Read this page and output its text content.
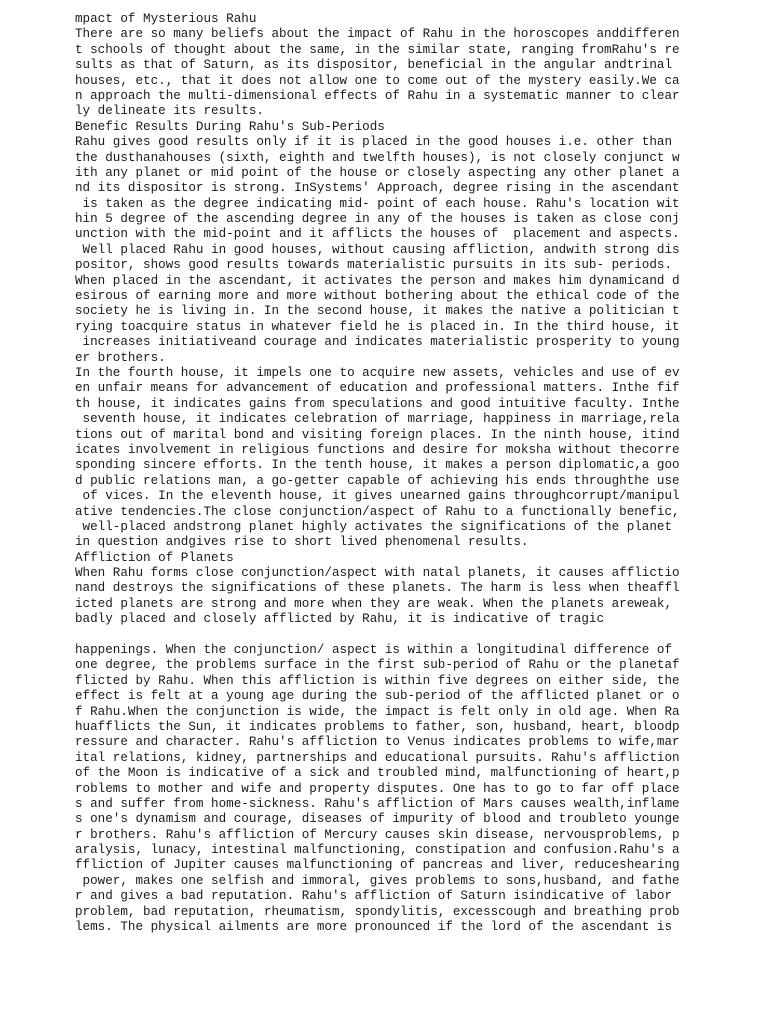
mpact of Mysterious Rahu
There are so many beliefs about the impact of Rahu in the horoscopes anddifferen
t schools of thought about the same, in the similar state, ranging fromRahu's re
sults as that of Saturn, as its dispositor, beneficial in the angular andtrinal
houses, etc., that it does not allow one to come out of the mystery easily.We ca
n approach the multi-dimensional effects of Rahu in a systematic manner to clear
ly delineate its results.
Benefic Results During Rahu's Sub-Periods
Rahu gives good results only if it is placed in the good houses i.e. other than
the dusthanahouses (sixth, eighth and twelfth houses), is not closely conjunct w
ith any planet or mid point of the house or closely aspecting any other planet a
nd its dispositor is strong. InSystems' Approach, degree rising in the ascendant
is taken as the degree indicating mid- point of each house. Rahu's location wit
hin 5 degree of the ascending degree in any of the houses is taken as close conj
unction with the mid-point and it afflicts the houses of  placement and aspects.
Well placed Rahu in good houses, without causing affliction, andwith strong dis
positor, shows good results towards materialistic pursuits in its sub- periods.
When placed in the ascendant, it activates the person and makes him dynamicand d
esirous of earning more and more without bothering about the ethical code of the
society he is living in. In the second house, it makes the native a politician t
rying toacquire status in whatever field he is placed in. In the third house, it
increases initiativeand courage and indicates materialistic prosperity to young
er brothers.
In the fourth house, it impels one to acquire new assets, vehicles and use of ev
en unfair means for advancement of education and professional matters. Inthe fif
th house, it indicates gains from speculations and good intuitive faculty. Inthe
seventh house, it indicates celebration of marriage, happiness in marriage,rela
tions out of marital bond and visiting foreign places. In the ninth house, itind
icates involvement in religious functions and desire for moksha without thecorre
sponding sincere efforts. In the tenth house, it makes a person diplomatic,a goo
d public relations man, a go-getter capable of achieving his ends throughthe use
of vices. In the eleventh house, it gives unearned gains throughcorrupt/manipul
ative tendencies.The close conjunction/aspect of Rahu to a functionally benefic,
well-placed andstrong planet highly activates the significations of the planet
in question andgives rise to short lived phenomenal results.
Affliction of Planets
When Rahu forms close conjunction/aspect with natal planets, it causes afflictio
nand destroys the significations of these planets. The harm is less when theaffl
icted planets are strong and more when they are weak. When the planets areweak,
badly placed and closely afflicted by Rahu, it is indicative of tragic
happenings. When the conjunction/ aspect is within a longitudinal difference of
one degree, the problems surface in the first sub-period of Rahu or the planetaf
flicted by Rahu. When this affliction is within five degrees on either side, the
effect is felt at a young age during the sub-period of the afflicted planet or o
f Rahu.When the conjunction is wide, the impact is felt only in old age. When Ra
huafflicts the Sun, it indicates problems to father, son, husband, heart, bloodp
ressure and character. Rahu's affliction to Venus indicates problems to wife,mar
ital relations, kidney, partnerships and educational pursuits. Rahu's affliction
of the Moon is indicative of a sick and troubled mind, malfunctioning of heart,p
roblems to mother and wife and property disputes. One has to go to far off place
s and suffer from home-sickness. Rahu's affliction of Mars causes wealth,inflame
s one's dynamism and courage, diseases of impurity of blood and troubleto younge
r brothers. Rahu's affliction of Mercury causes skin disease, nervousproblems, p
aralysis, lunacy, intestinal malfunctioning, constipation and confusion.Rahu's a
ffliction of Jupiter causes malfunctioning of pancreas and liver, reduceshearing
power, makes one selfish and immoral, gives problems to sons,husband, and fathe
r and gives a bad reputation. Rahu's affliction of Saturn isindicative of labor
problem, bad reputation, rheumatism, spondylitis, excesscough and breathing prob
lems. The physical ailments are more pronounced if the lord of the ascendant is
